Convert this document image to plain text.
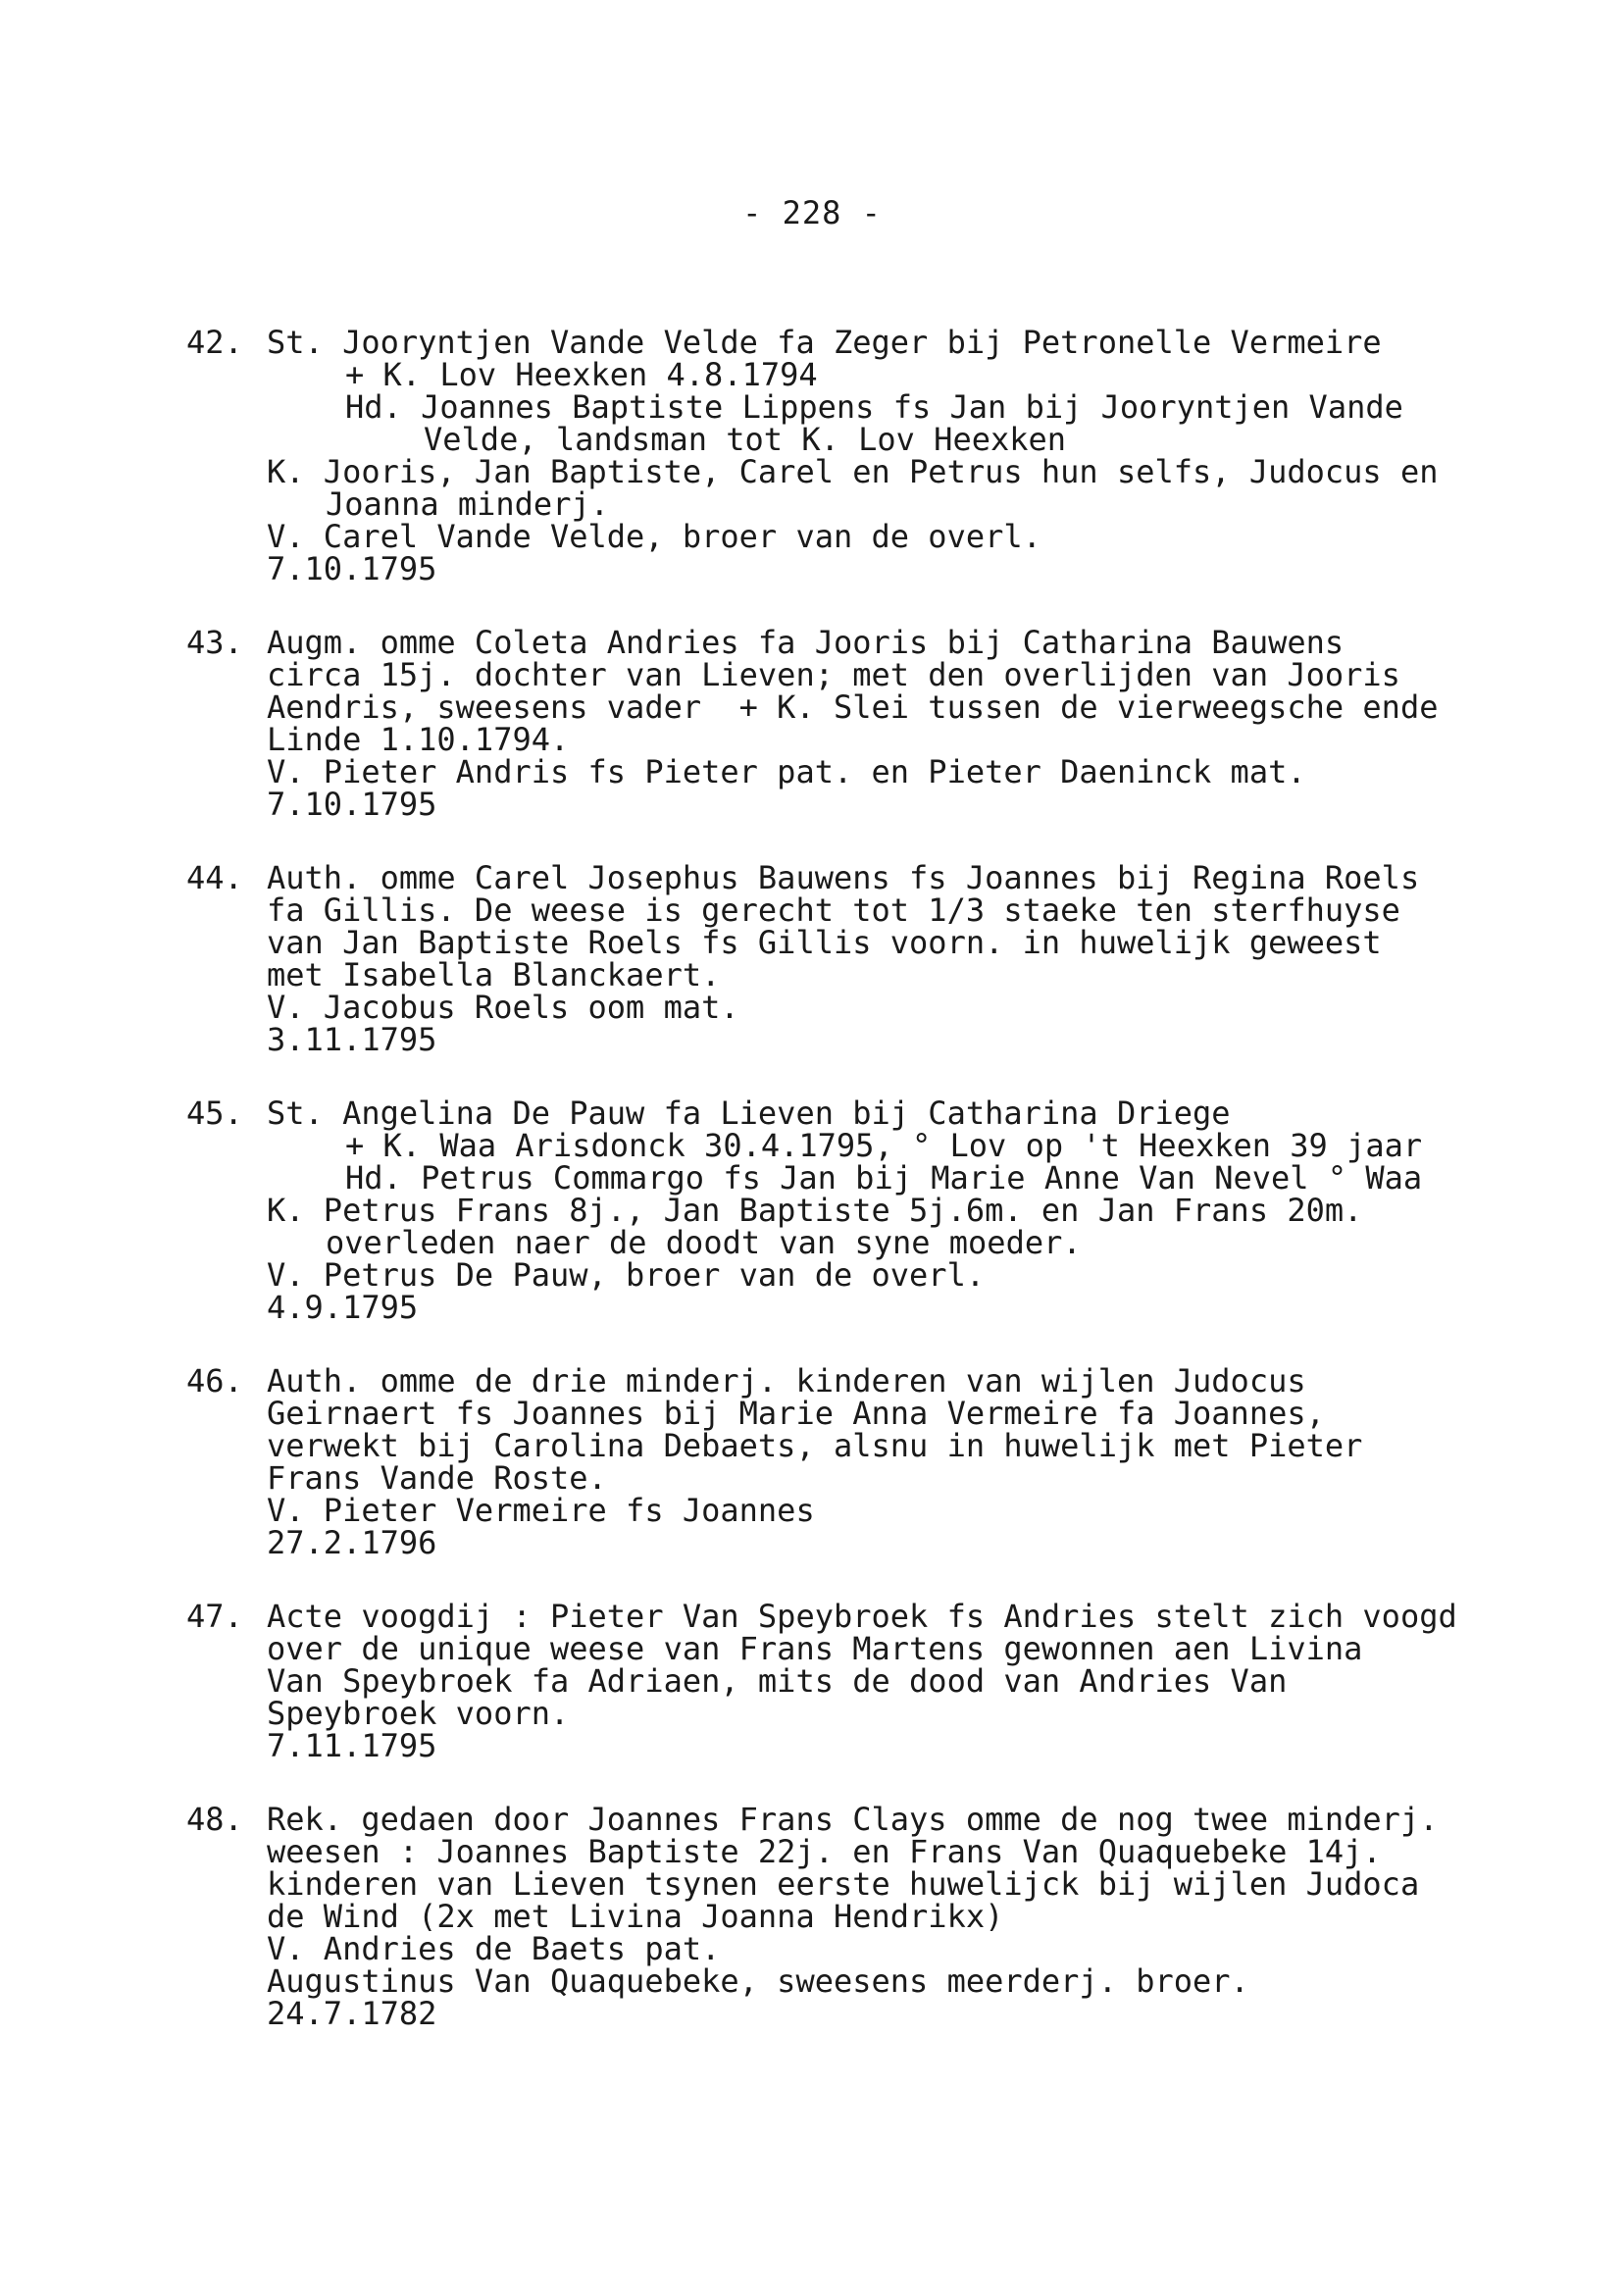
- 228 -
42. St. Jooryntjen Vande Velde fa Zeger bij Petronelle Vermeire
+ K. Lov Heexken 4.8.1794
Hd. Joannes Baptiste Lippens fs Jan bij Jooryntjen Vande
Velde, landsman tot K. Lov Heexken
K. Jooris, Jan Baptiste, Carel en Petrus hun selfs, Judocus en
Joanna minderj.
V. Carel Vande Velde, broer van de overl.
7.10.1795
43. Augm. omme Coleta Andries fa Jooris bij Catharina Bauwens
circa 15j. dochter van Lieven; met den overlijden van Jooris
Aendris, sweesens vader  + K. Slei tussen de vierweegsche ende
Linde 1.10.1794.
V. Pieter Andris fs Pieter pat. en Pieter Daeninck mat.
7.10.1795
44. Auth. omme Carel Josephus Bauwens fs Joannes bij Regina Roels
fa Gillis. De weese is gerecht tot 1/3 staeke ten sterfhuyse
van Jan Baptiste Roels fs Gillis voorn. in huwelijk geweest
met Isabella Blanckaert.
V. Jacobus Roels oom mat.
3.11.1795
45. St. Angelina De Pauw fa Lieven bij Catharina Driege
+ K. Waa Arisdonck 30.4.1795, ° Lov op 't Heexken 39 jaar
Hd. Petrus Commargo fs Jan bij Marie Anne Van Nevel ° Waa
K. Petrus Frans 8j., Jan Baptiste 5j.6m. en Jan Frans 20m.
overleden naer de doodt van syne moeder.
V. Petrus De Pauw, broer van de overl.
4.9.1795
46. Auth. omme de drie minderj. kinderen van wijlen Judocus
Geirnaert fs Joannes bij Marie Anna Vermeire fa Joannes,
verwekt bij Carolina Debaets, alsnu in huwelijk met Pieter
Frans Vande Roste.
V. Pieter Vermeire fs Joannes
27.2.1796
47. Acte voogdij : Pieter Van Speybroek fs Andries stelt zich voogd
over de unique weese van Frans Martens gewonnen aen Livina
Van Speybroek fa Adriaen, mits de dood van Andries Van
Speybroek voorn.
7.11.1795
48. Rek. gedaen door Joannes Frans Clays omme de nog twee minderj.
weesen : Joannes Baptiste 22j. en Frans Van Quaquebeke 14j.
kinderen van Lieven tsynen eerste huwelijck bij wijlen Judoca
de Wind (2x met Livina Joanna Hendrikx)
V. Andries de Baets pat.
Augustinus Van Quaquebeke, sweesens meerderj. broer.
24.7.1782
